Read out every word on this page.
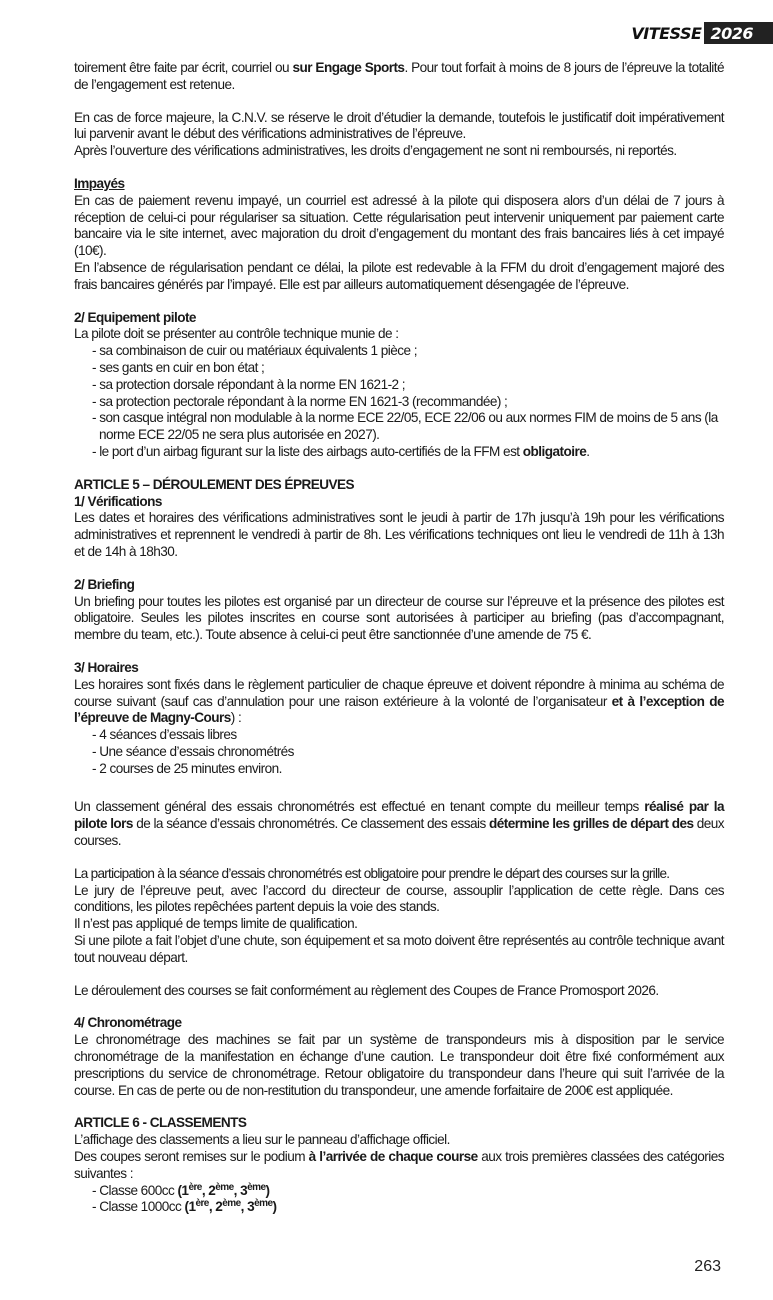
VITESSE 2026

toirement être faite par écrit, courriel ou sur Engage Sports. Pour tout forfait à moins de 8 jours de l’épreuve la totalité de l’engagement est retenue.

En cas de force majeure, la C.N.V. se réserve le droit d’étudier la demande, toutefois le justificatif doit impérativement lui parvenir avant le début des vérifications administratives de l’épreuve.

Après l’ouverture des vérifications administratives, les droits d’engagement ne sont ni remboursés, ni reportés.

Impayés

En cas de paiement revenu impayé, un courriel est adressé à la pilote qui disposera alors d’un délai de 7 jours à réception de celui-ci pour régulariser sa situation. Cette régularisation peut intervenir uniquement par paiement carte bancaire via le site internet, avec majoration du droit d’engagement du montant des frais bancaires liés à cet impayé (10€).

En l’absence de régularisation pendant ce délai, la pilote est redevable à la FFM du droit d’engagement majoré des frais bancaires générés par l’impayé. Elle est par ailleurs automatiquement désengagée de l’épreuve.

2/ Equipement pilote

La pilote doit se présenter au contrôle technique munie de :

- sa combinaison de cuir ou matériaux équivalents 1 pièce ;
- ses gants en cuir en bon état ;
- sa protection dorsale répondant à la norme EN 1621-2 ;
- sa protection pectorale répondant à la norme EN 1621-3 (recommandée) ;
- son casque intégral non modulable à la norme ECE 22/05, ECE 22/06 ou aux normes FIM de moins de 5 ans (la norme ECE 22/05 ne sera plus autorisée en 2027).
- le port d’un airbag figurant sur la liste des airbags auto-certifiés de la FFM est obligatoire.

ARTICLE 5 – DÉROULEMENT DES ÉPREUVES

1/ Vérifications

Les dates et horaires des vérifications administratives sont le jeudi à partir de 17h jusqu’à 19h pour les vérifications administratives et reprennent le vendredi à partir de 8h. Les vérifications techniques ont lieu le vendredi de 11h à 13h et de 14h à 18h30.

2/ Briefing

Un briefing pour toutes les pilotes est organisé par un directeur de course sur l’épreuve et la présence des pilotes est obligatoire. Seules les pilotes inscrites en course sont autorisées à participer au briefing (pas d’accompagnant, membre du team, etc.). Toute absence à celui-ci peut être sanctionnée d’une amende de 75 €.

3/ Horaires

Les horaires sont fixés dans le règlement particulier de chaque épreuve et doivent répondre à minima au schéma de course suivant (sauf cas d’annulation pour une raison extérieure à la volonté de l’organisateur et à l’exception de l’épreuve de Magny-Cours) :

- 4 séances d’essais libres
- Une séance d’essais chronométrés
- 2 courses de 25 minutes environ.

Un classement général des essais chronométrés est effectué en tenant compte du meilleur temps réalisé par la pilote lors de la séance d’essais chronométrés. Ce classement des essais détermine les grilles de départ des deux courses.

La participation à la séance d’essais chronométrés est obligatoire pour prendre le départ des courses sur la grille.

Le jury de l’épreuve peut, avec l’accord du directeur de course, assouplir l’application de cette règle. Dans ces conditions, les pilotes repêchées partent depuis la voie des stands.

Il n’est pas appliqué de temps limite de qualification.

Si une pilote a fait l’objet d’une chute, son équipement et sa moto doivent être représentés au contrôle technique avant tout nouveau départ.

Le déroulement des courses se fait conformément au règlement des Coupes de France Promosport 2026.

4/ Chronométrage

Le chronométrage des machines se fait par un système de transpondeurs mis à disposition par le service chronométrage de la manifestation en échange d’une caution. Le transpondeur doit être fixé conformément aux prescriptions du service de chronométrage. Retour obligatoire du transpondeur dans l’heure qui suit l’arrivée de la course. En cas de perte ou de non-restitution du transpondeur, une amende forfaitaire de 200€ est appliquée.

ARTICLE 6 - CLASSEMENTS

L’affichage des classements a lieu sur le panneau d’affichage officiel.

Des coupes seront remises sur le podium à l’arrivée de chaque course aux trois premières classées des catégories suivantes :

- Classe 600cc (1ère, 2ème, 3ème)
- Classe 1000cc (1ère, 2ème, 3ème)
263
